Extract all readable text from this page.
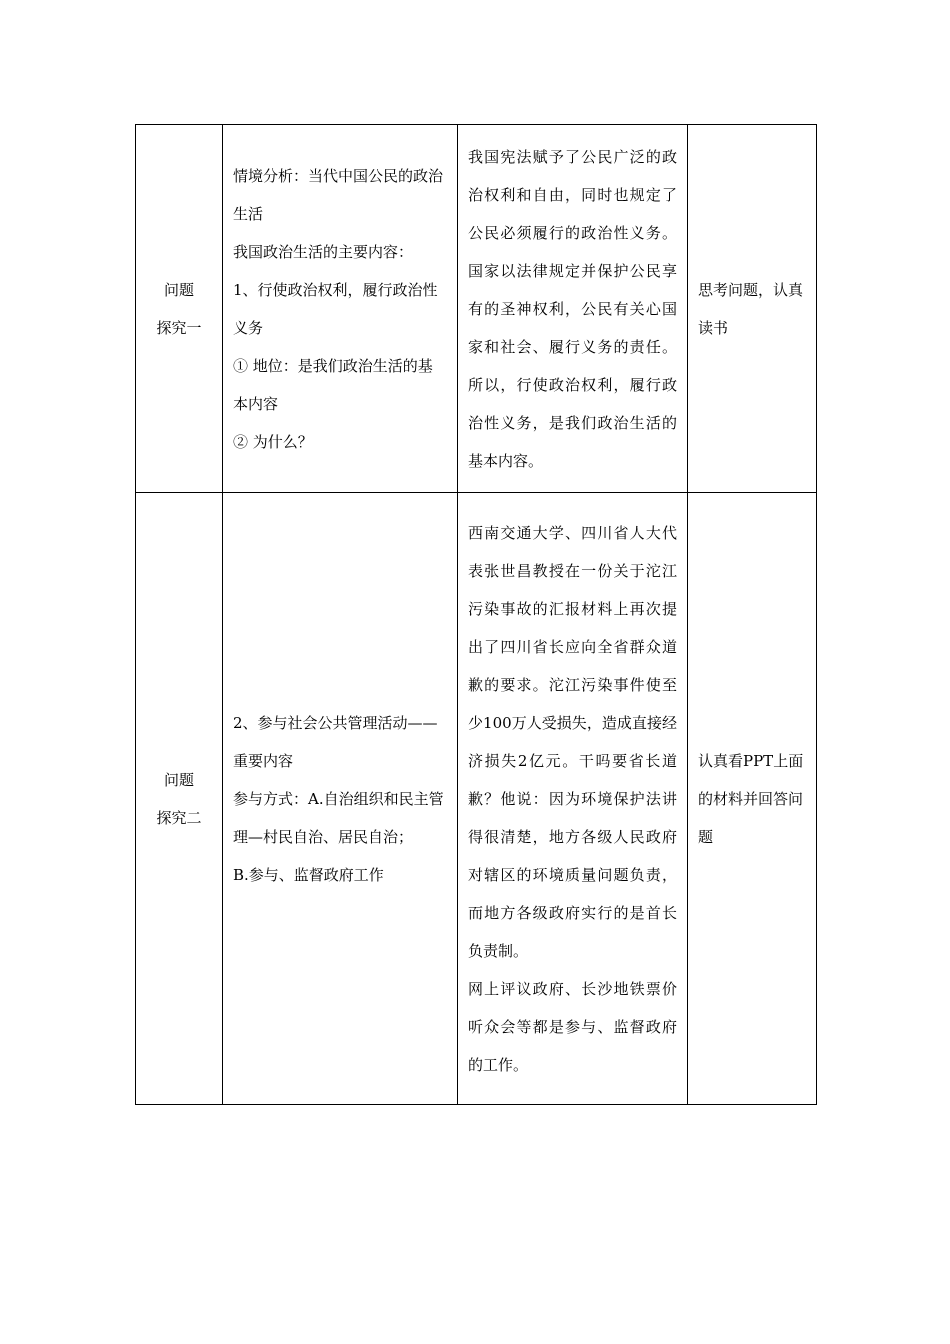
问题
探究一	情境分析：当代中国公民的政治生活
我国政治生活的主要内容：
1、行使政治权利，履行政治性义务
① 地位：是我们政治生活的基本内容
② 为什么？	我国宪法赋予了公民广泛的政治权利和自由，同时也规定了公民必须履行的政治性义务。国家以法律规定并保护公民享有的圣神权利，公民有关心国家和社会、履行义务的责任。所以，行使政治权利，履行政治性义务，是我们政治生活的基本内容。	思考问题，认真读书

问题
探究二	2、参与社会公共管理活动——重要内容
参与方式：A.自治组织和民主管理—村民自治、居民自治；
B.参与、监督政府工作	西南交通大学、四川省人大代表张世昌教授在一份关于沱江污染事故的汇报材料上再次提出了四川省长应向全省群众道歉的要求。沱江污染事件使至少100万人受损失，造成直接经济损失2亿元。干吗要省长道歉？他说：因为环境保护法讲得很清楚，地方各级人民政府对辖区的环境质量问题负责，而地方各级政府实行的是首长负责制。
网上评议政府、长沙地铁票价听众会等都是参与、监督政府的工作。	认真看PPT上面的材料并回答问题
